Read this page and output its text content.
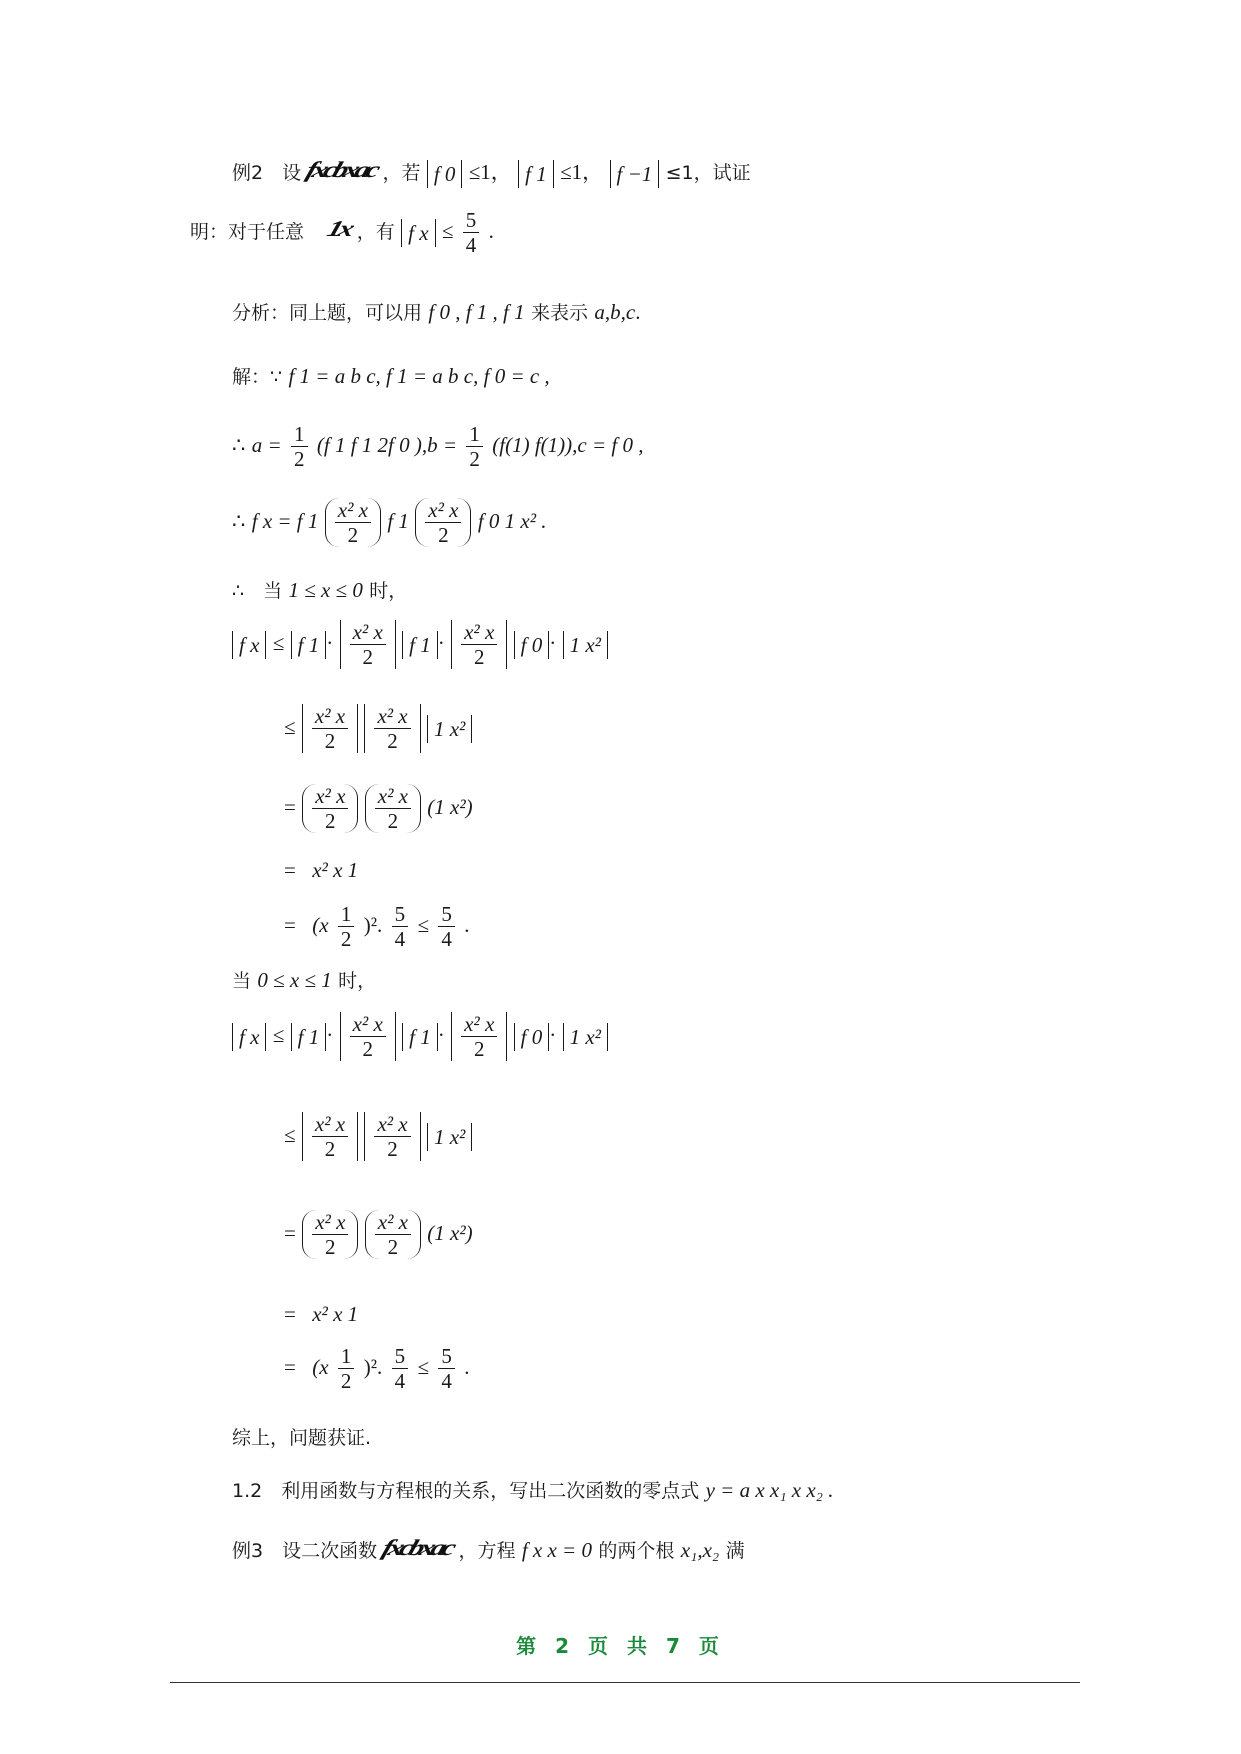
例2　设 fxcbxac ，若 f 0 ≤1， f 1 ≤1， f −1 ≤1，试证
明：对于任意 1x ，有 f $x \le \frac{5}{4}$ .
分析：同上题，可以用 f 0 , f 1 , f 1 来表示 a,b,c.
解：∵ f 1 = a b c, f 1 = a b c, f 0 = c ,
∴ $a = \frac{1}{2} (f$ 1 f 1 2f 0 )$,b = \frac{1}{2} (f(1) f(1)),c = f$ 0 ,
∴ f x = f $1 \frac{\text{x² x}}{2}$ f $1 \frac{\text{x² x}}{2}$ f 0 1 x² .
∴　当 1 ≤ x ≤ 0 时，
f x ≤ f $1 \cdot \frac{\text{x² x}}{2}$ f $1 \cdot \frac{\text{x² x}}{2}$ f 0 · 1 x²
≤ $\frac{\text{x² x}}{2}$
$\frac{\text{x² x}}{2} 1$ x²
= $\frac{\text{x² x}}{2}$
$\frac{\text{x² x}}{2} (1$ x²)
= x² x 1
= $(x \frac{1}{2} )^2$. $\frac{5}{4} \le \frac{5}{4}$ .
当 0 ≤ x ≤ 1 时，
f x ≤ f $1 \cdot \frac{\text{x² x}}{2}$ f $1 \cdot \frac{\text{x² x}}{2}$ f 0 · 1 x²
≤ $\frac{\text{x² x}}{2}$
$\frac{\text{x² x}}{2} 1$ x²
= $\frac{\text{x² x}}{2}$
$\frac{\text{x² x}}{2} (1$ x²)
= x² x 1
= $(x \frac{1}{2} )^2$. $\frac{5}{4} \le \frac{5}{4}$ .
综上，问题获证.
1.2　利用函数与方程根的关系，写出二次函数的零点式 y = a x x₁ x x₂ .
例3　设二次函数 fxcbxac ，方程 f x x = 0 的两个根 x₁,x₂ 满
第 2 页 共 7 页
